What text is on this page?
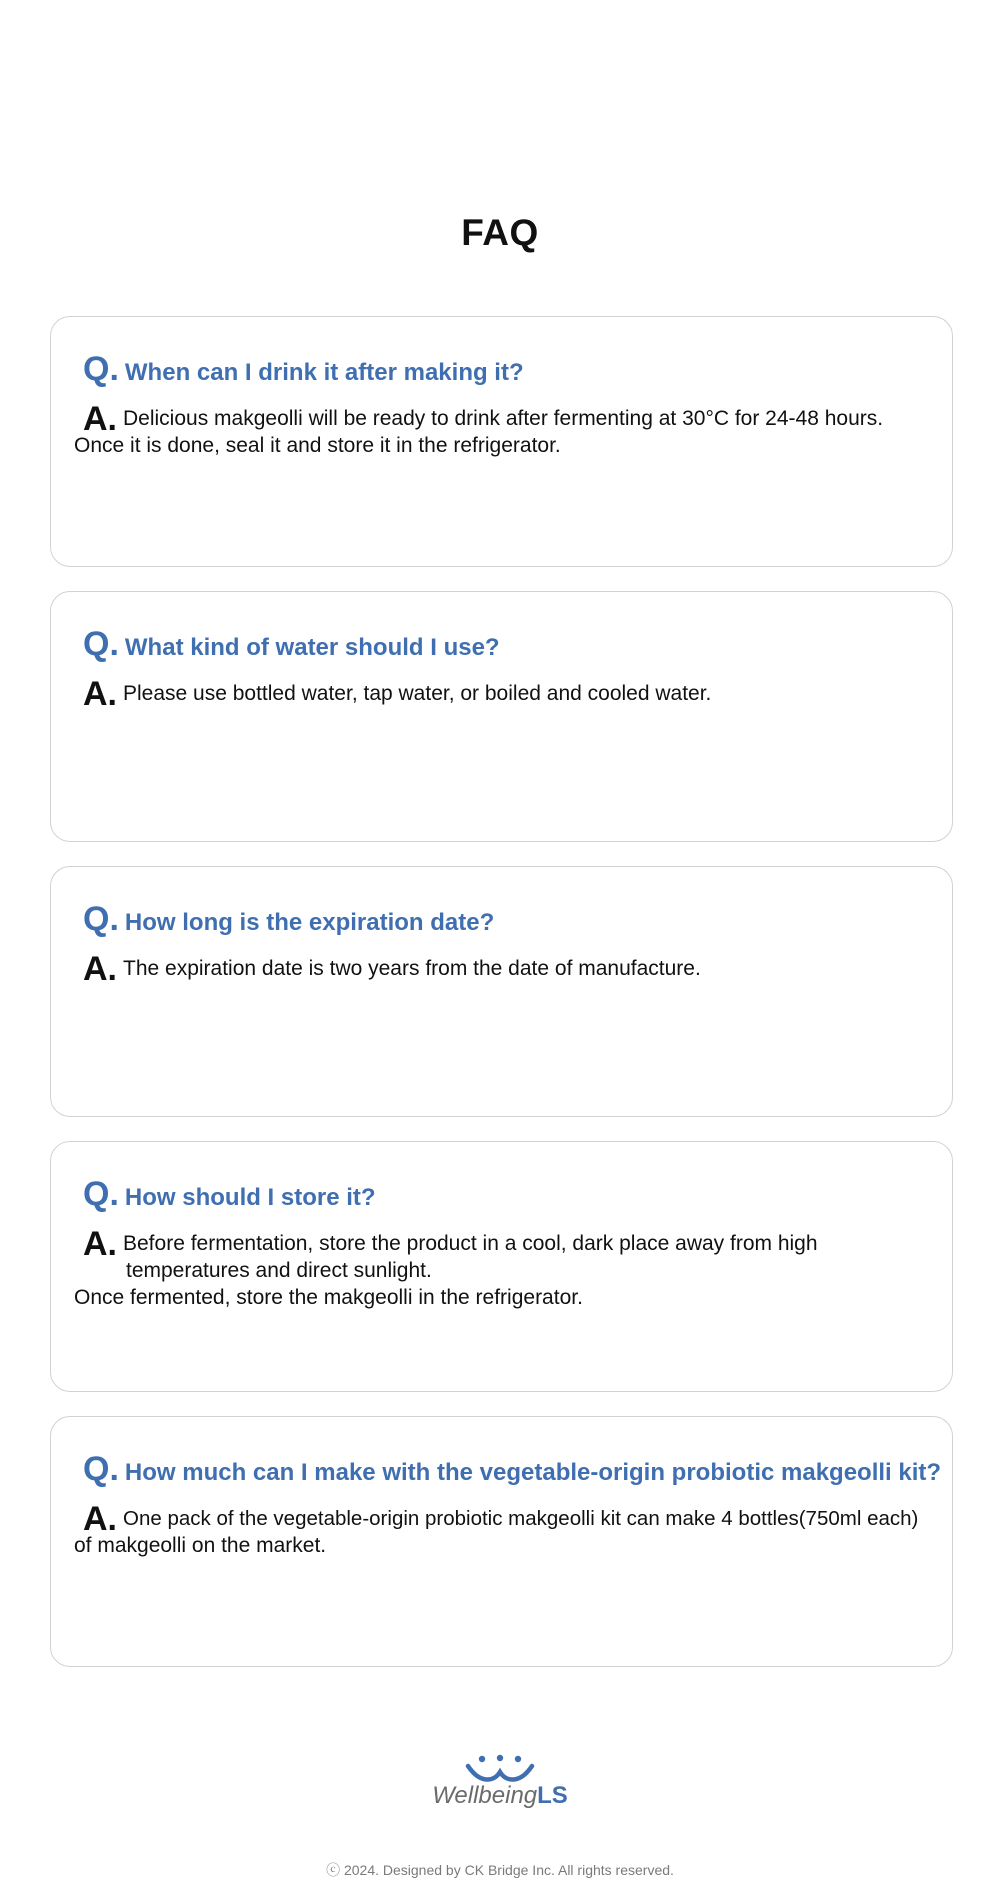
FAQ
Q. When can I drink it after making it?
A. Delicious makgeolli will be ready to drink after fermenting at 30°C for 24-48 hours.
Once it is done, seal it and store it in the refrigerator.
Q. What kind of water should I use?
A. Please use bottled water, tap water, or boiled and cooled water.
Q. How long is the expiration date?
A. The expiration date is two years from the date of manufacture.
Q. How should I store it?
A. Before fermentation, store the product in a cool, dark place away from high
temperatures and direct sunlight.
Once fermented, store the makgeolli in the refrigerator.
Q. How much can I make with the vegetable-origin probiotic makgeolli kit?
A. One pack of the vegetable-origin probiotic makgeolli kit can make 4 bottles(750ml each)
of makgeolli on the market.
WellbeingLS
ⓒ 2024. Designed by CK Bridge Inc. All rights reserved.
